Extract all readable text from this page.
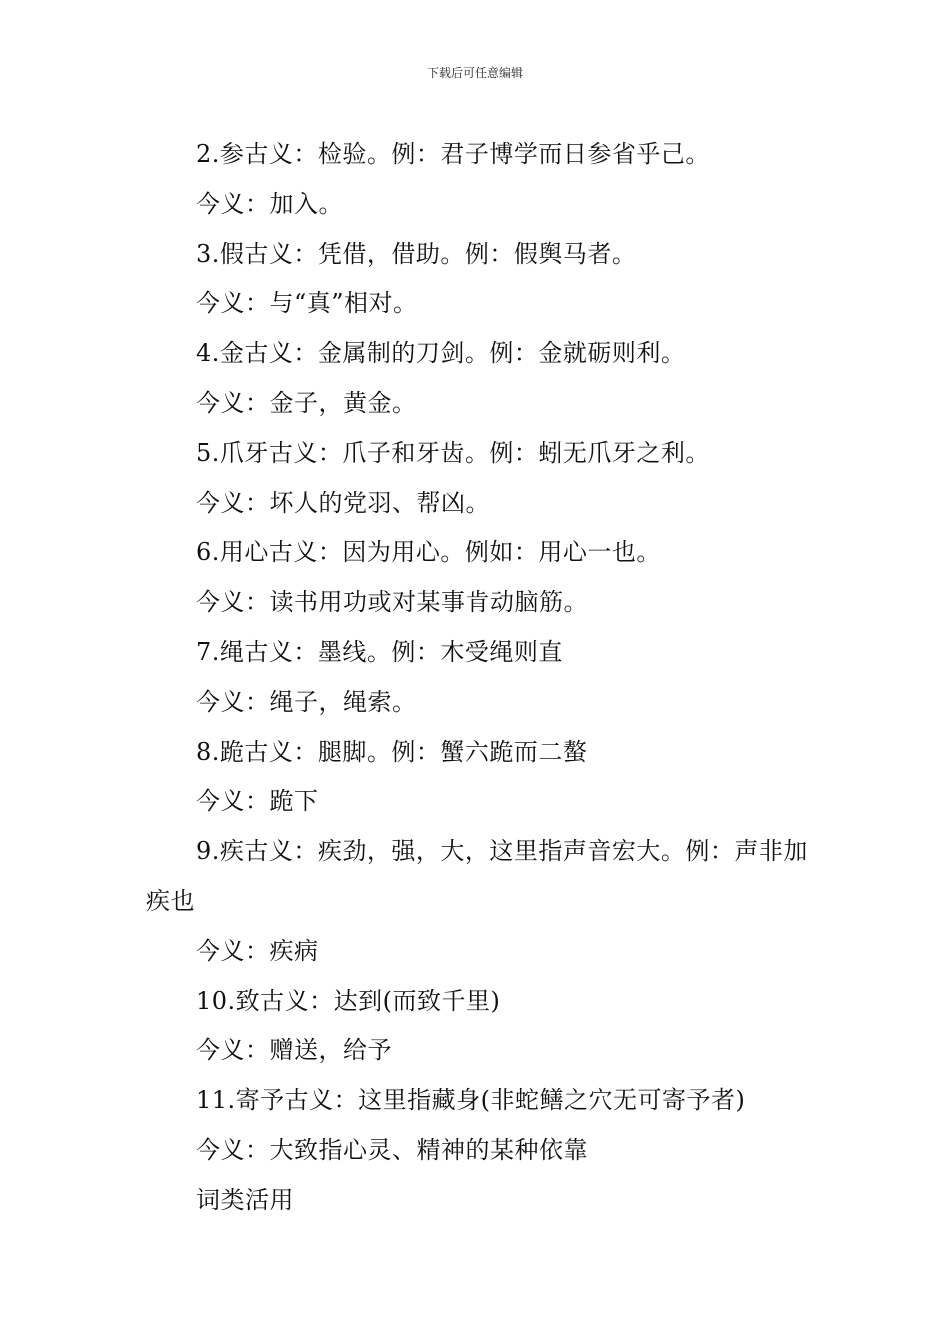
下载后可任意编辑

2.参古义：检验。例：君子博学而日参省乎己。

今义：加入。

3.假古义：凭借，借助。例：假舆马者。

今义：与“真”相对。

4.金古义：金属制的刀剑。例：金就砺则利。

今义：金子，黄金。

5.爪牙古义：爪子和牙齿。例：蚓无爪牙之利。

今义：坏人的党羽、帮凶。

6.用心古义：因为用心。例如：用心一也。

今义：读书用功或对某事肯动脑筋。

7.绳古义：墨线。例：木受绳则直

今义：绳子，绳索。

8.跪古义：腿脚。例：蟹六跪而二螯

今义：跪下

9.疾古义：疾劲，强，大，这里指声音宏大。例：声非加疾也

今义：疾病

10.致古义：达到(而致千里)

今义：赠送，给予

11.寄予古义：这里指藏身(非蛇鳝之穴无可寄予者)

今义：大致指心灵、精神的某种依靠

词类活用
